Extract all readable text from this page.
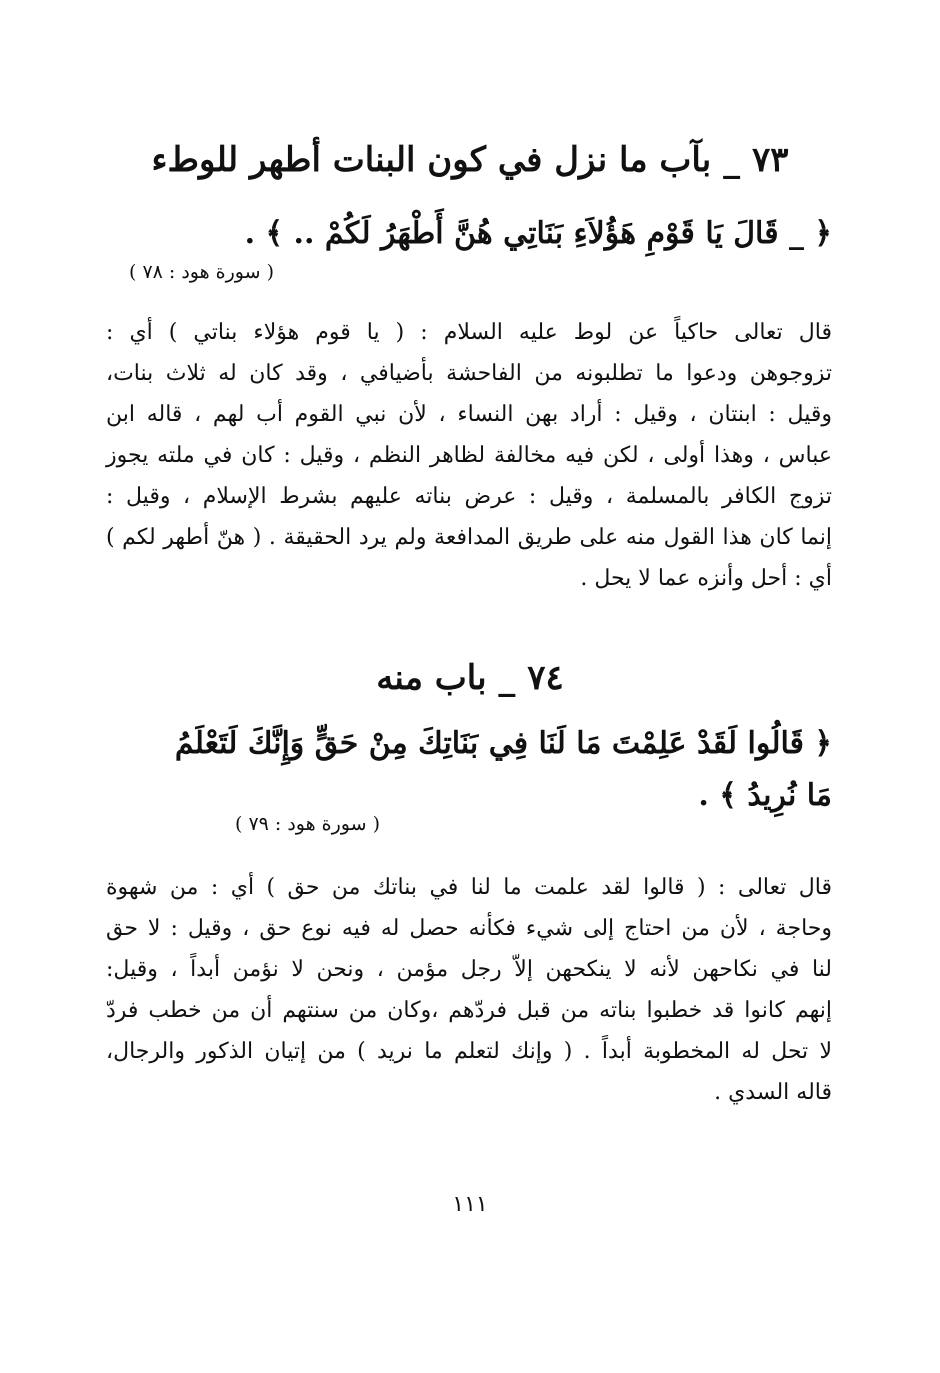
٧٣ _ بآب ما نزل في كون البنات أطهر للوطء
﴿ _ قَالَ يَا قَوْمِ هَؤُلاَءِ بَنَاتِي هُنَّ أَطْهَرُ لَكُمْ .. ﴾ .
( سورة هود : ٧٨ )
قال تعالى حاكياً عن لوط عليه السلام : ( يا قوم هؤلاء بناتي ) أي :
تزوجوهن ودعوا ما تطلبونه من الفاحشة بأضيافي ، وقد كان له ثلاث بنات،
وقيل : ابنتان ، وقيل : أراد بهن النساء ، لأن نبي القوم أب لهم ، قاله ابن
عباس ، وهذا أولى ، لكن فيه مخالفة لظاهر النظم ، وقيل : كان في ملته يجوز
تزوج الكافر بالمسلمة ، وقيل : عرض بناته عليهم بشرط الإسلام ، وقيل :
إنما كان هذا القول منه على طريق المدافعة ولم يرد الحقيقة . ( هنّ أطهر لكم )
أي : أحل وأنزه عما لا يحل .
٧٤ _ باب منه
﴿ قَالُوا لَقَدْ عَلِمْتَ مَا لَنَا فِي بَنَاتِكَ مِنْ حَقٍّ وَإِنَّكَ لَتَعْلَمُ
مَا نُرِيدُ ﴾ .
( سورة هود : ٧٩ )
قال تعالى : ( قالوا لقد علمت ما لنا في بناتك من حق ) أي : من شهوة
وحاجة ، لأن من احتاج إلى شيء فكأنه حصل له فيه نوع حق ، وقيل : لا حق
لنا في نكاحهن لأنه لا ينكحهن إلاّ رجل مؤمن ، ونحن لا نؤمن أبداً ، وقيل:
إنهم كانوا قد خطبوا بناته من قبل فردّهم ،وكان من سنتهم أن من خطب فردّ
لا تحل له المخطوبة أبداً . ( وإنك لتعلم ما نريد ) من إتيان الذكور والرجال،
قاله السدي .
١١١
